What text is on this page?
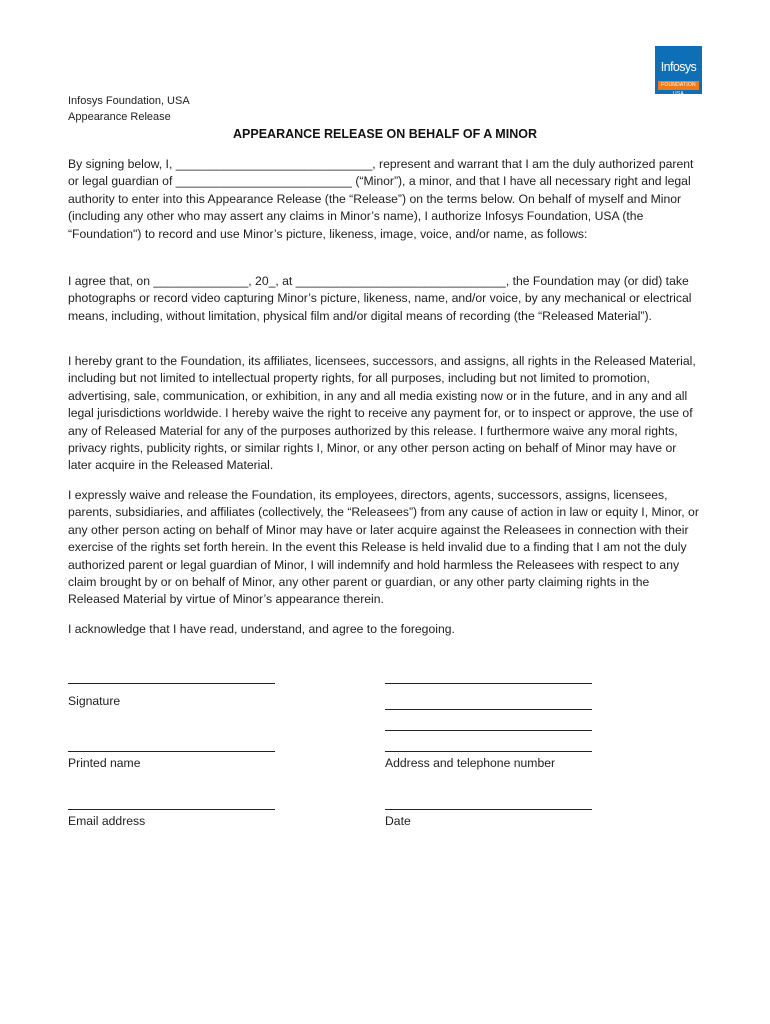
Infosys
FOUNDATION USA
Infosys Foundation, USA
Appearance Release
APPEARANCE RELEASE ON BEHALF OF A MINOR

By signing below, I, _____________________________, represent and warrant that I am the duly authorized parent or legal guardian of __________________________ (“Minor”), a minor, and that I have all necessary right and legal authority to enter into this Appearance Release (the “Release”) on the terms below. On behalf of myself and Minor (including any other who may assert any claims in Minor’s name), I authorize Infosys Foundation, USA (the “Foundation") to record and use Minor’s picture, likeness, image, voice, and/or name, as follows:

I agree that, on ______________, 20_, at _______________________________, the Foundation may (or did) take photographs or record video capturing Minor’s picture, likeness, name, and/or voice, by any mechanical or electrical means, including, without limitation, physical film and/or digital means of recording (the “Released Material”).

I hereby grant to the Foundation, its affiliates, licensees, successors, and assigns, all rights in the Released Material, including but not limited to intellectual property rights, for all purposes, including but not limited to promotion, advertising, sale, communication, or exhibition, in any and all media existing now or in the future, and in any and all legal jurisdictions worldwide. I hereby waive the right to receive any payment for, or to inspect or approve, the use of any of Released Material for any of the purposes authorized by this release. I furthermore waive any moral rights, privacy rights, publicity rights, or similar rights I, Minor, or any other person acting on behalf of Minor may have or later acquire in the Released Material.

I expressly waive and release the Foundation, its employees, directors, agents, successors, assigns, licensees, parents, subsidiaries, and affiliates (collectively, the “Releasees”) from any cause of action in law or equity I, Minor, or any other person acting on behalf of Minor may have or later acquire against the Releasees in connection with their exercise of the rights set forth herein. In the event this Release is held invalid due to a finding that I am not the duly authorized parent or legal guardian of Minor, I will indemnify and hold harmless the Releasees with respect to any claim brought by or on behalf of Minor, any other parent or guardian, or any other party claiming rights in the Released Material by virtue of Minor’s appearance therein.

I acknowledge that I have read, understand, and agree to the foregoing.

Signature
Printed name
Email address
Address and telephone number
Date
